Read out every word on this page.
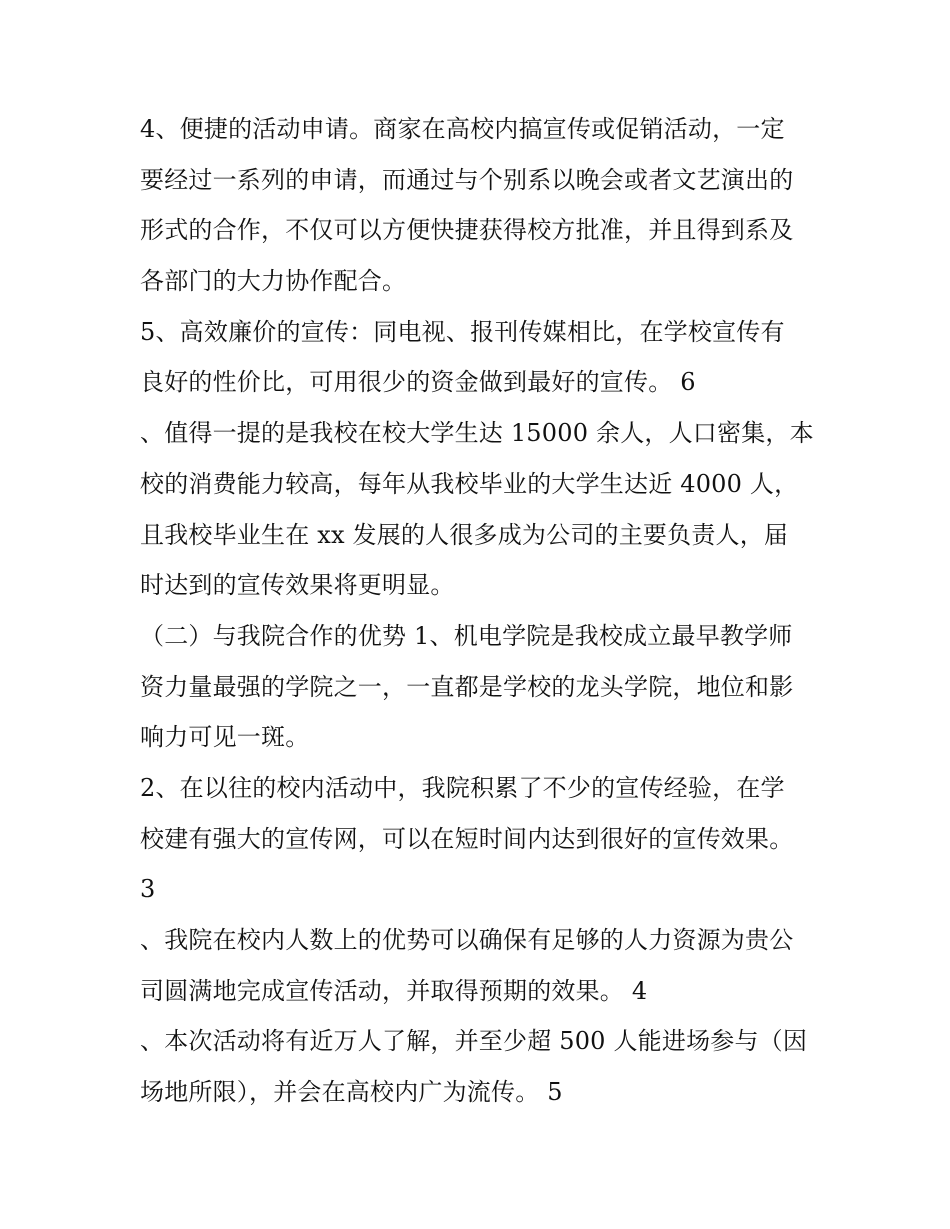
4、便捷的活动申请。商家在高校内搞宣传或促销活动，一定
要经过一系列的申请，而通过与个别系以晚会或者文艺演出的
形式的合作，不仅可以方便快捷获得校方批准，并且得到系及
各部门的大力协作配合。
5、高效廉价的宣传：同电视、报刊传媒相比，在学校宣传有
良好的性价比，可用很少的资金做到最好的宣传。 6
、值得一提的是我校在校大学生达 15000 余人，人口密集，本
校的消费能力较高，每年从我校毕业的大学生达近 4000 人，
且我校毕业生在 xx 发展的人很多成为公司的主要负责人，届
时达到的宣传效果将更明显。
（二）与我院合作的优势 1、机电学院是我校成立最早教学师
资力量最强的学院之一，一直都是学校的龙头学院，地位和影
响力可见一斑。
2、在以往的校内活动中，我院积累了不少的宣传经验，在学
校建有强大的宣传网，可以在短时间内达到很好的宣传效果。
3
、我院在校内人数上的优势可以确保有足够的人力资源为贵公
司圆满地完成宣传活动，并取得预期的效果。 4
、本次活动将有近万人了解，并至少超 500 人能进场参与（因
场地所限），并会在高校内广为流传。 5
